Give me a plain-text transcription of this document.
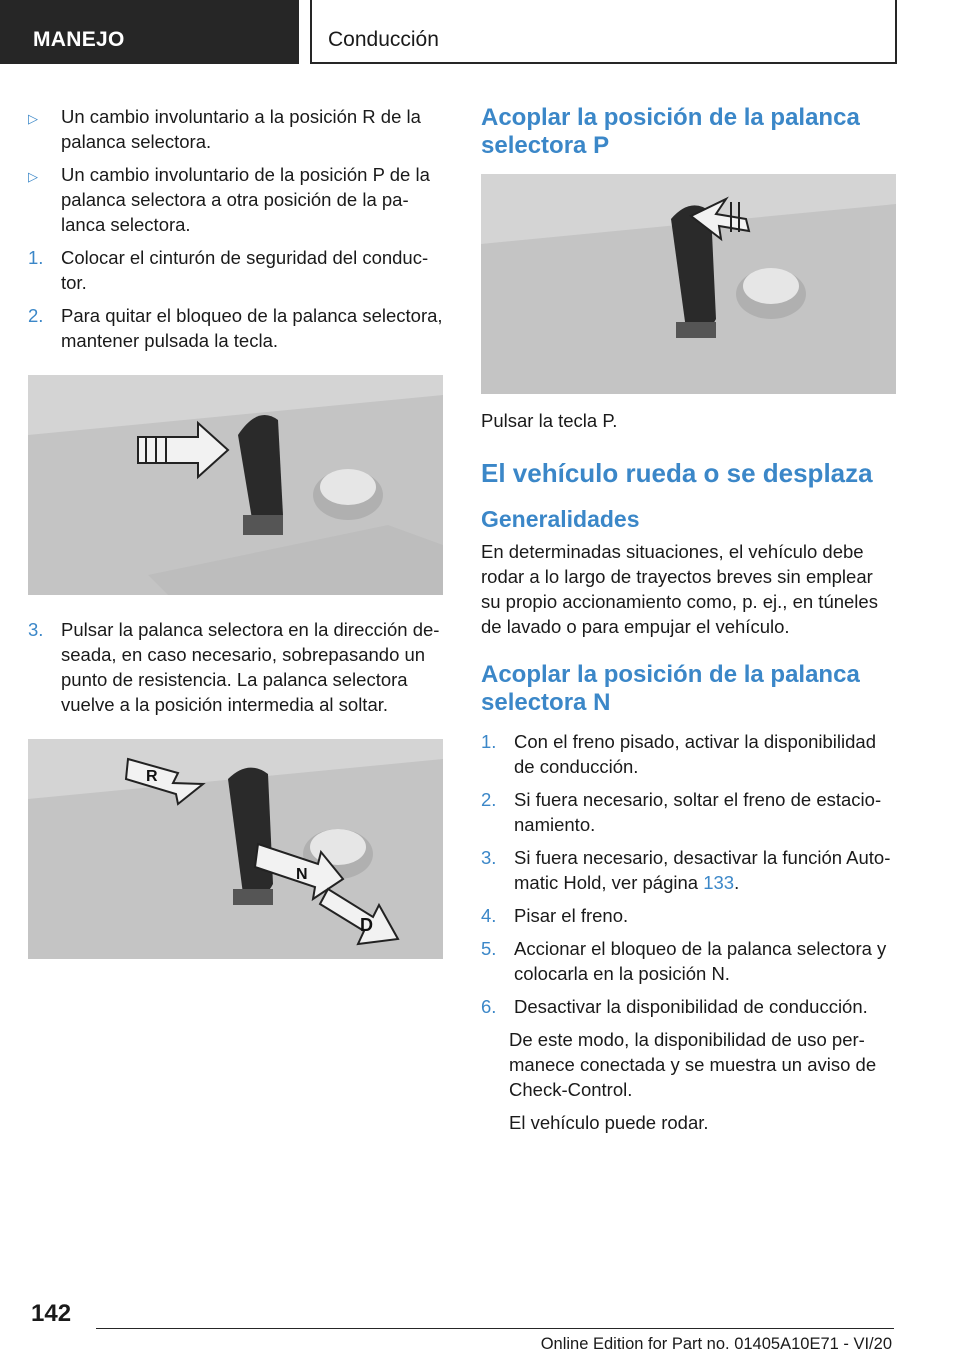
MANEJO	Conducción
▷ Un cambio involuntario a la posición R de la palanca selectora.
▷ Un cambio involuntario de la posición P de la palanca selectora a otra posición de la palanca selectora.
1. Colocar el cinturón de seguridad del conductor.
2. Para quitar el bloqueo de la palanca selectora, mantener pulsada la tecla.
3. Pulsar la palanca selectora en la dirección deseada, en caso necesario, sobrepasando un punto de resistencia. La palanca selectora vuelve a la posición intermedia al soltar.
R
N
D
Acoplar la posición de la palanca selectora P

Pulsar la tecla P.

El vehículo rueda o se desplaza
Generalidades

En determinadas situaciones, el vehículo debe rodar a lo largo de trayectos breves sin emplear su propio accionamiento como, p. ej., en túneles de lavado o para empujar el vehículo.

Acoplar la posición de la palanca selectora N
1. Con el freno pisado, activar la disponibilidad de conducción.
2. Si fuera necesario, soltar el freno de estacionamiento.
3. Si fuera necesario, desactivar la función Automatic Hold, ver página 133.
4. Pisar el freno.
5. Accionar el bloqueo de la palanca selectora y colocarla en la posición N.
6. Desactivar la disponibilidad de conducción.

De este modo, la disponibilidad de uso permanece conectada y se muestra un aviso de Check-Control.

El vehículo puede rodar.

142
Online Edition for Part no. 01405A10E71 - VI/20
